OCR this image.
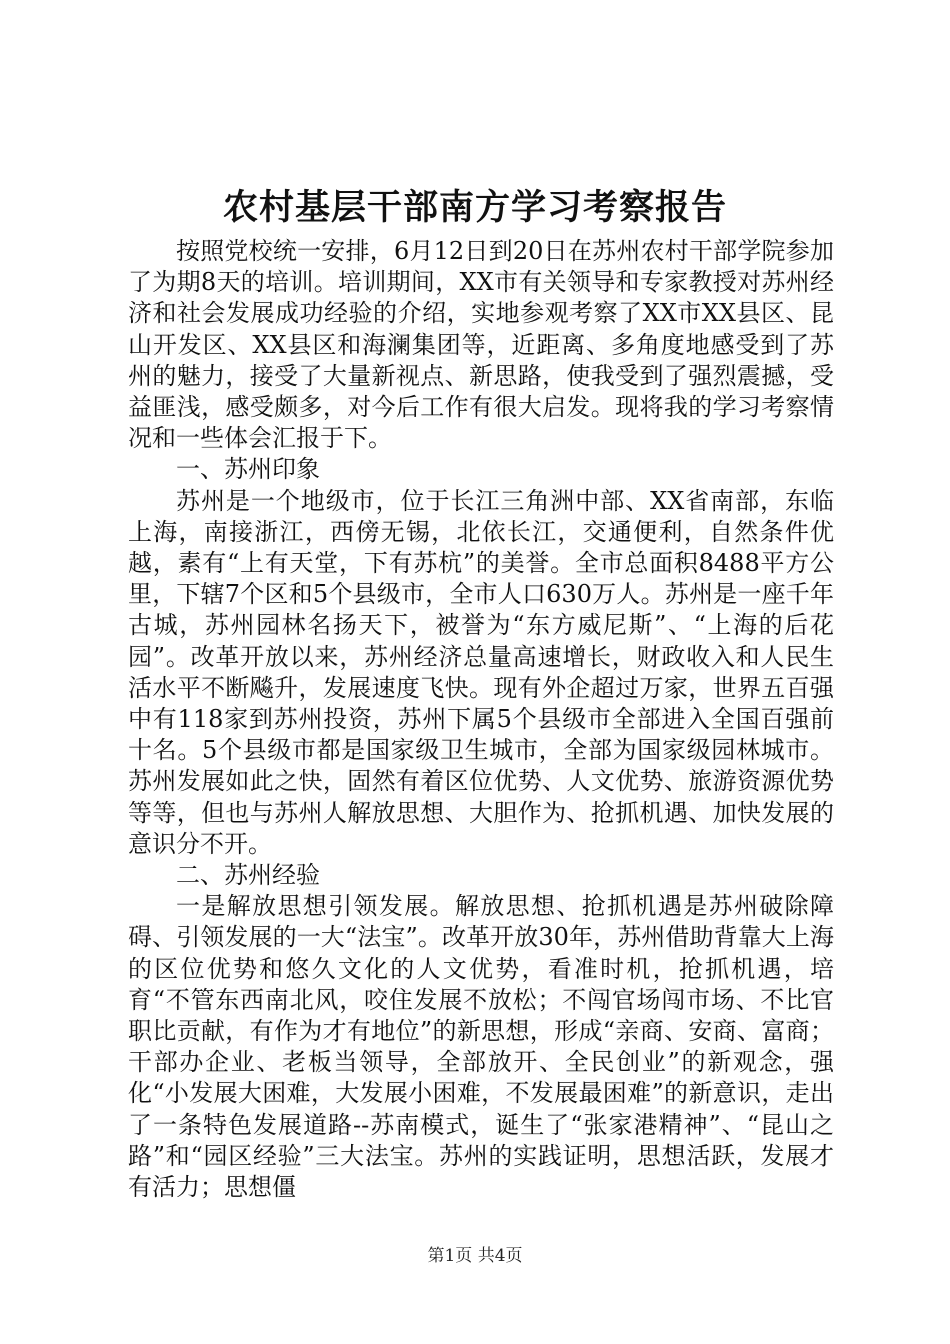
农村基层干部南方学习考察报告

按照党校统一安排，6月12日到20日在苏州农村干部学院参加了为期8天的培训。培训期间，XX市有关领导和专家教授对苏州经济和社会发展成功经验的介绍，实地参观考察了XX市XX县区、昆山开发区、XX县区和海澜集团等，近距离、多角度地感受到了苏州的魅力，接受了大量新视点、新思路，使我受到了强烈震撼，受益匪浅，感受颇多，对今后工作有很大启发。现将我的学习考察情况和一些体会汇报于下。

一、苏州印象

苏州是一个地级市，位于长江三角洲中部、XX省南部，东临上海，南接浙江，西傍无锡，北依长江，交通便利，自然条件优越，素有“上有天堂，下有苏杭”的美誉。全市总面积8488平方公里，下辖7个区和5个县级市，全市人口630万人。苏州是一座千年古城，苏州园林名扬天下，被誉为“东方威尼斯”、“上海的后花园”。改革开放以来，苏州经济总量高速增长，财政收入和人民生活水平不断飚升，发展速度飞快。现有外企超过万家，世界五百强中有118家到苏州投资，苏州下属5个县级市全部进入全国百强前十名。5个县级市都是国家级卫生城市，全部为国家级园林城市。苏州发展如此之快，固然有着区位优势、人文优势、旅游资源优势等等，但也与苏州人解放思想、大胆作为、抢抓机遇、加快发展的意识分不开。

二、苏州经验

一是解放思想引领发展。解放思想、抢抓机遇是苏州破除障碍、引领发展的一大“法宝”。改革开放30年，苏州借助背靠大上海的区位优势和悠久文化的人文优势，看准时机，抢抓机遇，培育“不管东西南北风，咬住发展不放松；不闯官场闯市场、不比官职比贡献，有作为才有地位”的新思想，形成“亲商、安商、富商；干部办企业、老板当领导，全部放开、全民创业”的新观念，强化“小发展大困难，大发展小困难，不发展最困难”的新意识，走出了一条特色发展道路--苏南模式，诞生了“张家港精神”、“昆山之路”和“园区经验”三大法宝。苏州的实践证明，思想活跃，发展才有活力；思想僵

第1页 共4页
